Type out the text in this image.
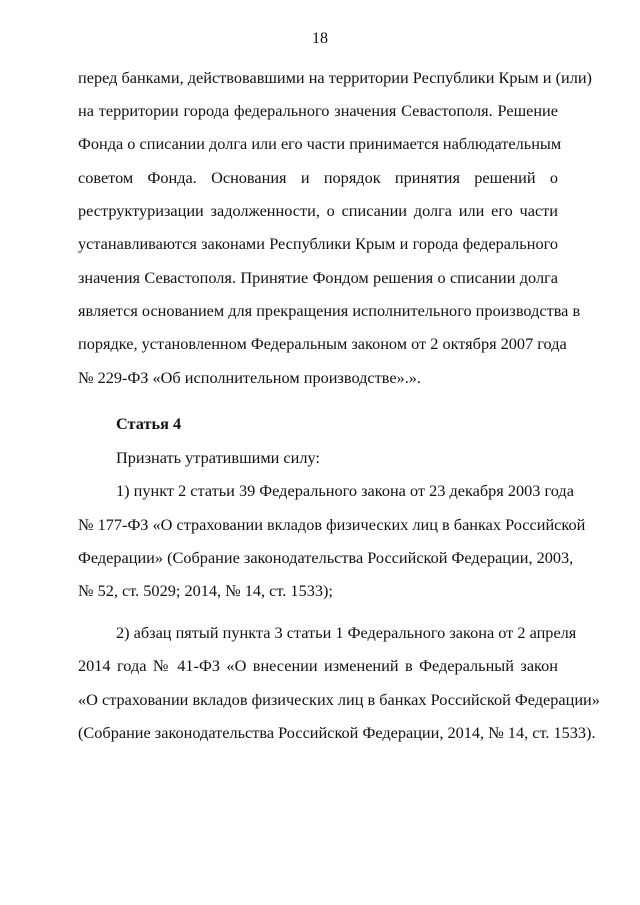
18
перед банками, действовавшими на территории Республики Крым и (или)
на территории города федерального значения Севастополя. Решение
Фонда о списании долга или его части принимается наблюдательным
советом Фонда. Основания и порядок принятия решений о
реструктуризации задолженности, о списании долга или его части
устанавливаются законами Республики Крым и города федерального
значения Севастополя. Принятие Фондом решения о списании долга
является основанием для прекращения исполнительного производства в
порядке, установленном Федеральным законом от 2 октября 2007 года
№ 229-ФЗ «Об исполнительном производстве».».
Статья 4
Признать утратившими силу:
1) пункт 2 статьи 39 Федерального закона от 23 декабря 2003 года
№ 177-ФЗ «О страховании вкладов физических лиц в банках Российской
Федерации» (Собрание законодательства Российской Федерации, 2003,
№ 52, ст. 5029; 2014, № 14, ст. 1533);
2) абзац пятый пункта 3 статьи 1 Федерального закона от 2 апреля
2014 года № 41-ФЗ «О внесении изменений в Федеральный закон
«О страховании вкладов физических лиц в банках Российской Федерации»
(Собрание законодательства Российской Федерации, 2014, № 14, ст. 1533).
